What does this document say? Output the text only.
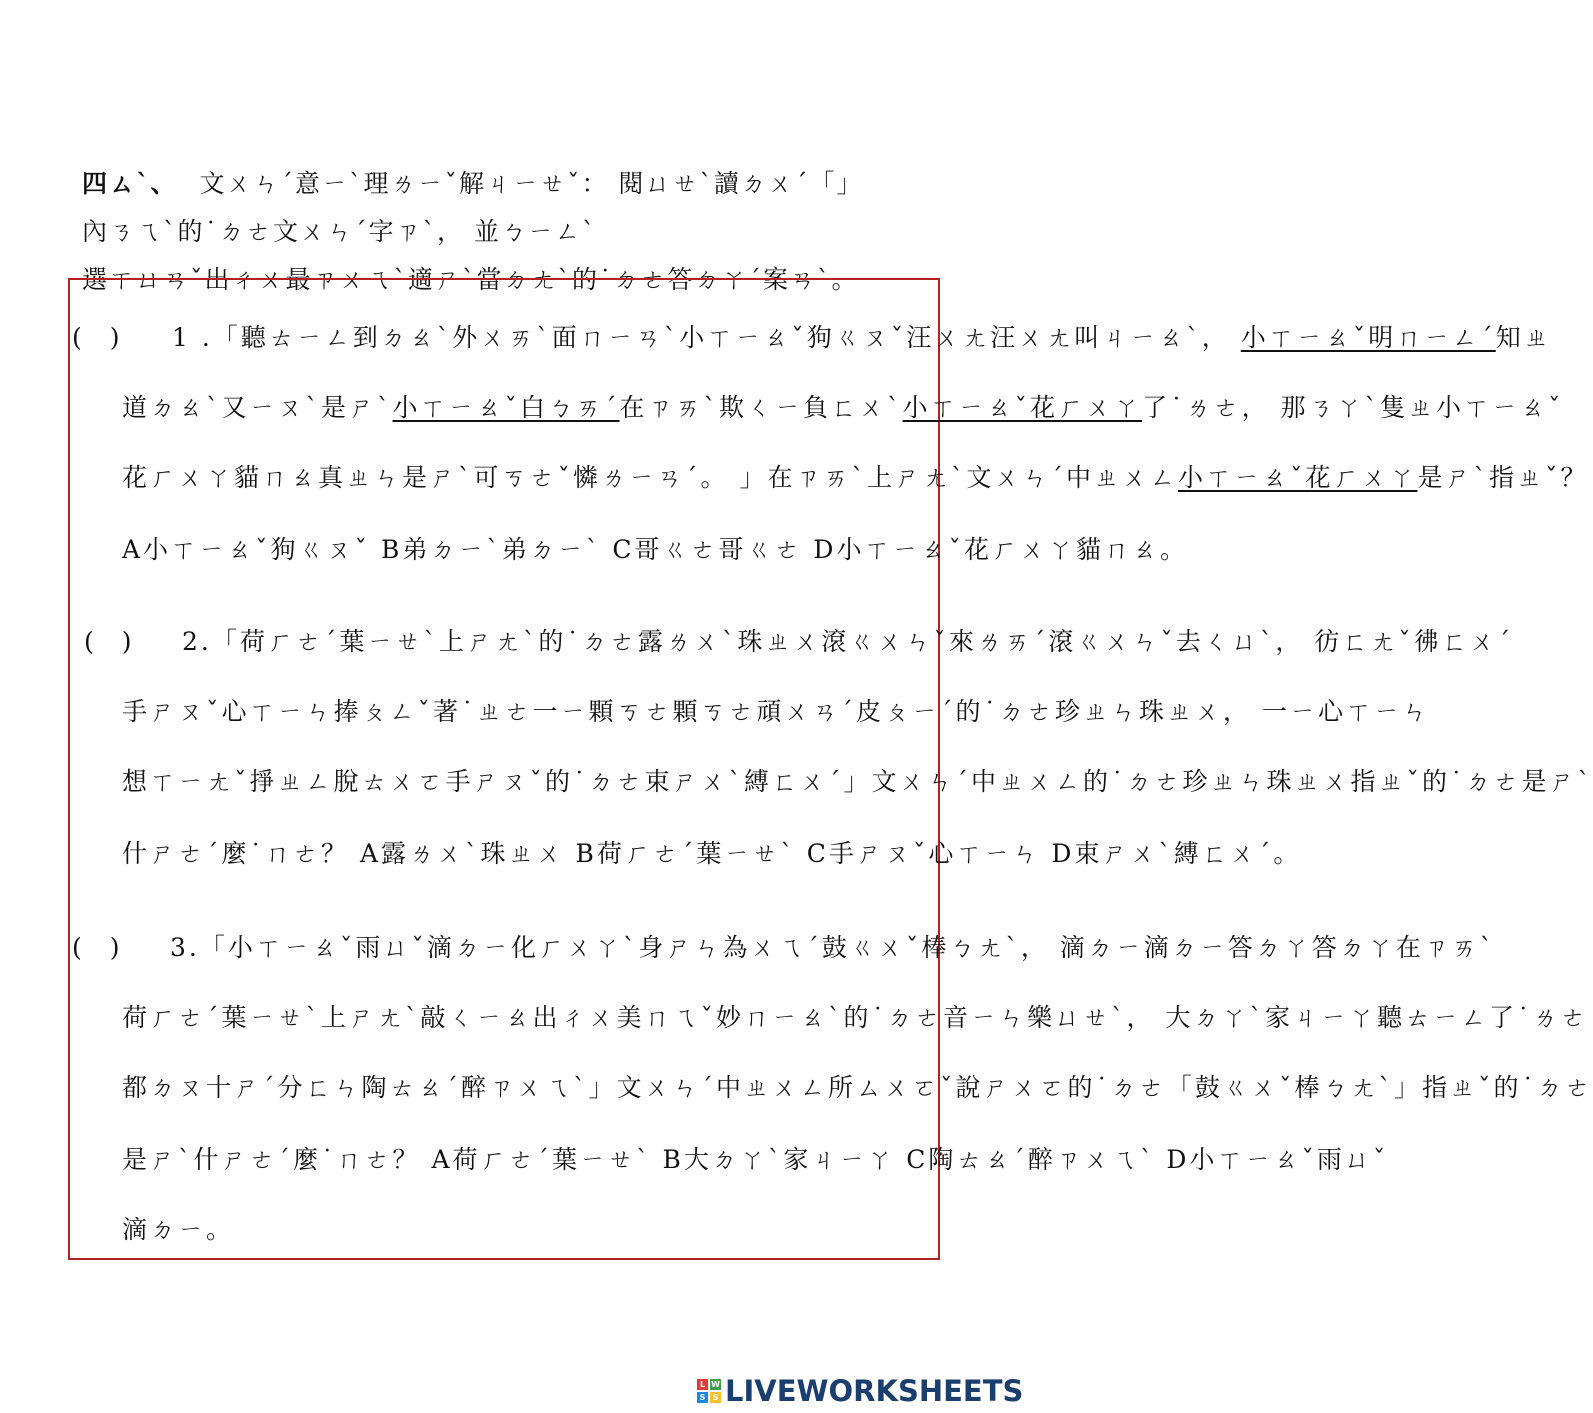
四ㄙˋ、 文ㄨㄣˊ意ㄧˋ理ㄌㄧˇ解ㄐㄧㄝˇ： 閱ㄩㄝˋ讀ㄉㄨˊ「」內ㄋㄟˋ的˙ㄉㄜ文ㄨㄣˊ字ㄗˋ， 並ㄅㄧㄥˋ
選ㄒㄩㄢˇ出ㄔㄨ最ㄗㄨㄟˋ適ㄕˋ當ㄉㄤˋ的˙ㄉㄜ答ㄉㄚˊ案ㄢˋ。
( ) 1 .「聽ㄊㄧㄥ到ㄉㄠˋ外ㄨㄞˋ面ㄇㄧㄢˋ小ㄒㄧㄠˇ狗ㄍㄡˇ汪ㄨㄤ汪ㄨㄤ叫ㄐㄧㄠˋ， 小ㄒㄧㄠˇ明ㄇㄧㄥˊ知ㄓ
道ㄉㄠˋ又ㄧㄡˋ是ㄕˋ小ㄒㄧㄠˇ白ㄅㄞˊ在ㄗㄞˋ欺ㄑㄧ負ㄈㄨˋ小ㄒㄧㄠˇ花ㄏㄨㄚ了˙ㄌㄜ， 那ㄋㄚˋ隻ㄓ小ㄒㄧㄠˇ
花ㄏㄨㄚ貓ㄇㄠ真ㄓㄣ是ㄕˋ可ㄎㄜˇ憐ㄌㄧㄢˊ。 」在ㄗㄞˋ上ㄕㄤˋ文ㄨㄣˊ中ㄓㄨㄥ小ㄒㄧㄠˇ花ㄏㄨㄚ是ㄕˋ指ㄓˇ？
A小ㄒㄧㄠˇ狗ㄍㄡˇ B弟ㄉㄧˋ弟ㄉㄧˋ C哥ㄍㄜ哥ㄍㄜ D小ㄒㄧㄠˇ花ㄏㄨㄚ貓ㄇㄠ。
( ) 2.「荷ㄏㄜˊ葉ㄧㄝˋ上ㄕㄤˋ的˙ㄉㄜ露ㄌㄨˋ珠ㄓㄨ滾ㄍㄨㄣˇ來ㄌㄞˊ滾ㄍㄨㄣˇ去ㄑㄩˋ， 彷ㄈㄤˇ彿ㄈㄨˊ
手ㄕㄡˇ心ㄒㄧㄣ捧ㄆㄥˇ著˙ㄓㄜ一ㄧ顆ㄎㄜ顆ㄎㄜ頑ㄨㄢˊ皮ㄆㄧˊ的˙ㄉㄜ珍ㄓㄣ珠ㄓㄨ， 一ㄧ心ㄒㄧㄣ
想ㄒㄧㄤˇ掙ㄓㄥ脫ㄊㄨㄛ手ㄕㄡˇ的˙ㄉㄜ束ㄕㄨˋ縛ㄈㄨˊ」文ㄨㄣˊ中ㄓㄨㄥ的˙ㄉㄜ珍ㄓㄣ珠ㄓㄨ指ㄓˇ的˙ㄉㄜ是ㄕˋ
什ㄕㄜˊ麼˙ㄇㄜ？ A露ㄌㄨˋ珠ㄓㄨ B荷ㄏㄜˊ葉ㄧㄝˋ C手ㄕㄡˇ心ㄒㄧㄣ D束ㄕㄨˋ縛ㄈㄨˊ。
( ) 3.「小ㄒㄧㄠˇ雨ㄩˇ滴ㄉㄧ化ㄏㄨㄚˋ身ㄕㄣ為ㄨㄟˊ鼓ㄍㄨˇ棒ㄅㄤˋ， 滴ㄉㄧ滴ㄉㄧ答ㄉㄚ答ㄉㄚ在ㄗㄞˋ
荷ㄏㄜˊ葉ㄧㄝˋ上ㄕㄤˋ敲ㄑㄧㄠ出ㄔㄨ美ㄇㄟˇ妙ㄇㄧㄠˋ的˙ㄉㄜ音ㄧㄣ樂ㄩㄝˋ， 大ㄉㄚˋ家ㄐㄧㄚ聽ㄊㄧㄥ了˙ㄌㄜ
都ㄉㄡ十ㄕˊ分ㄈㄣ陶ㄊㄠˊ醉ㄗㄨㄟˋ」文ㄨㄣˊ中ㄓㄨㄥ所ㄙㄨㄛˇ說ㄕㄨㄛ的˙ㄉㄜ「鼓ㄍㄨˇ棒ㄅㄤˋ」指ㄓˇ的˙ㄉㄜ
是ㄕˋ什ㄕㄜˊ麼˙ㄇㄜ？ A荷ㄏㄜˊ葉ㄧㄝˋ B大ㄉㄚˋ家ㄐㄧㄚ C陶ㄊㄠˊ醉ㄗㄨㄟˋ D小ㄒㄧㄠˇ雨ㄩˇ
滴ㄉㄧ。
L W
S S LIVEWORKSHEETS
